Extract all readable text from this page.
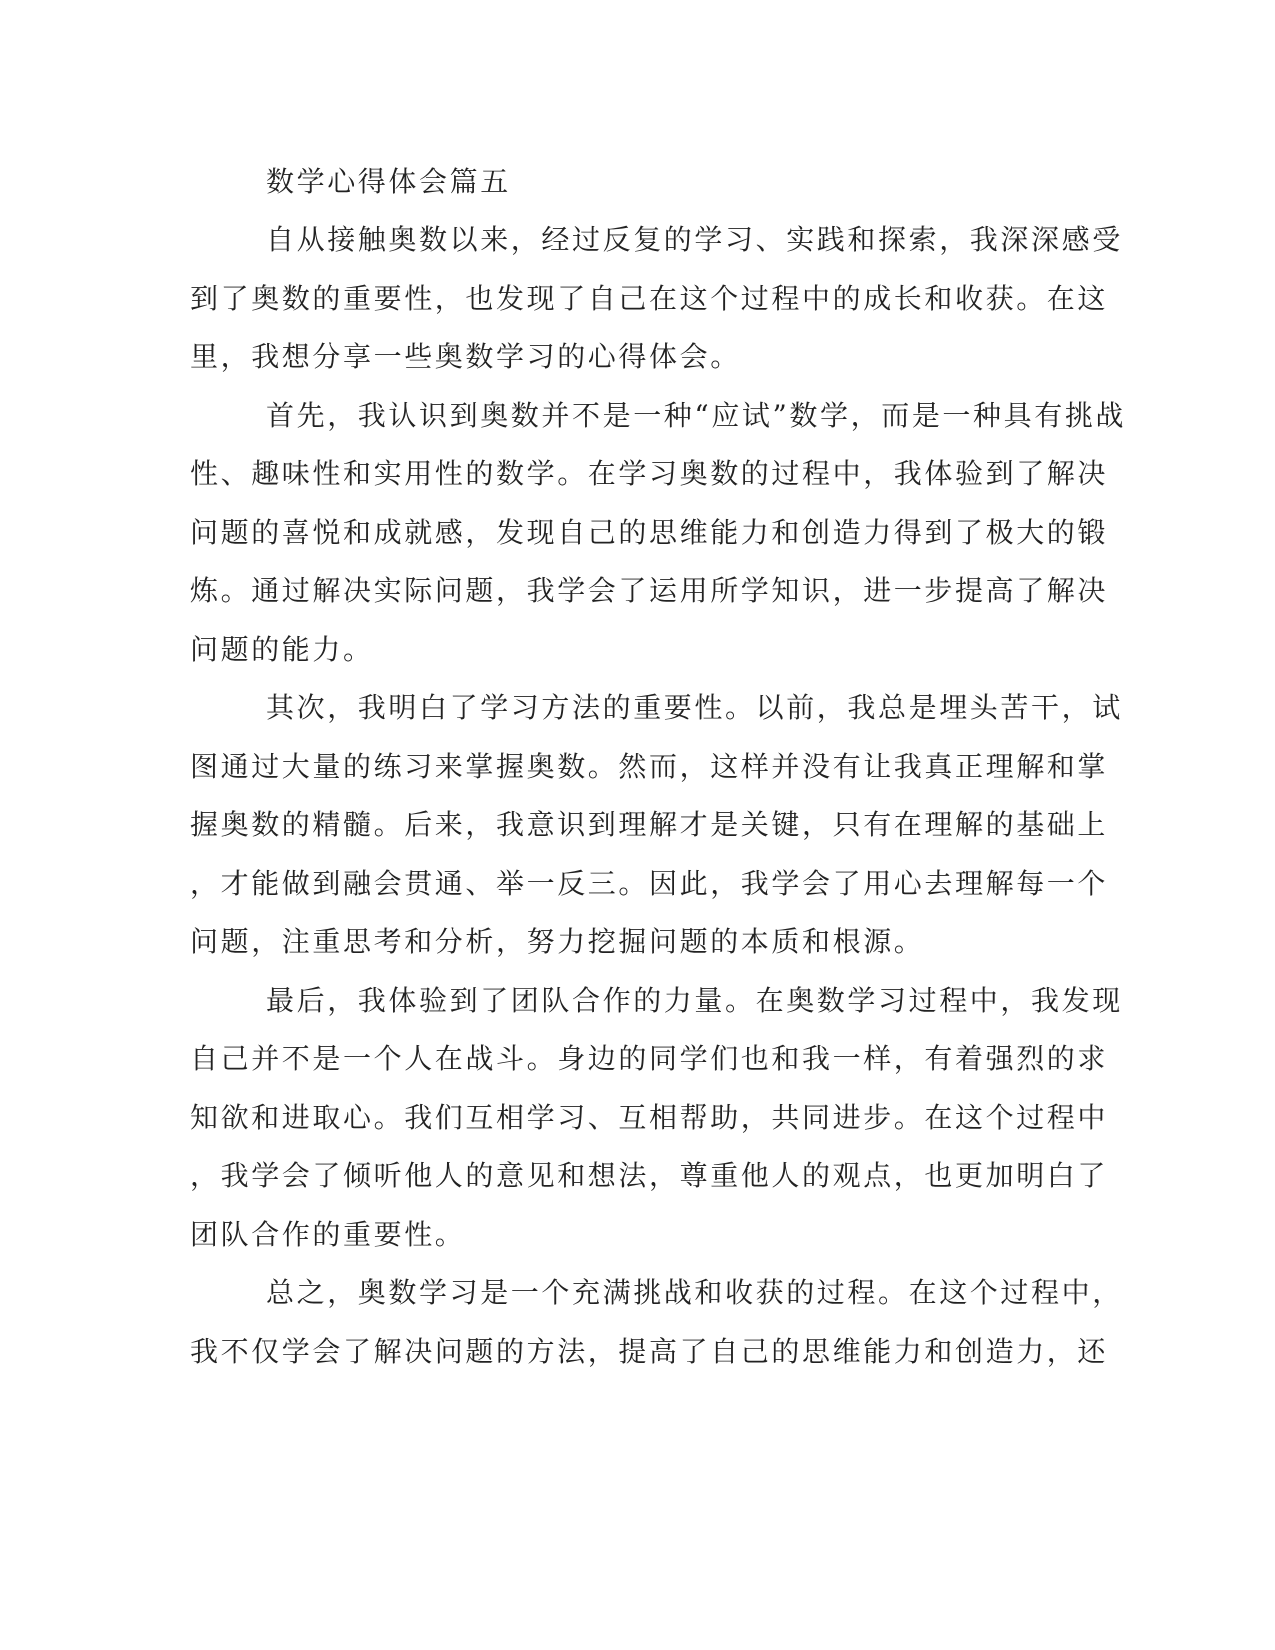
数学心得体会篇五

自从接触奥数以来，经过反复的学习、实践和探索，我深深感受

到了奥数的重要性，也发现了自己在这个过程中的成长和收获。在这

里，我想分享一些奥数学习的心得体会。

首先，我认识到奥数并不是一种“应试”数学，而是一种具有挑战

性、趣味性和实用性的数学。在学习奥数的过程中，我体验到了解决

问题的喜悦和成就感，发现自己的思维能力和创造力得到了极大的锻

炼。通过解决实际问题，我学会了运用所学知识，进一步提高了解决

问题的能力。

其次，我明白了学习方法的重要性。以前，我总是埋头苦干，试

图通过大量的练习来掌握奥数。然而，这样并没有让我真正理解和掌

握奥数的精髓。后来，我意识到理解才是关键，只有在理解的基础上

，才能做到融会贯通、举一反三。因此，我学会了用心去理解每一个

问题，注重思考和分析，努力挖掘问题的本质和根源。

最后，我体验到了团队合作的力量。在奥数学习过程中，我发现

自己并不是一个人在战斗。身边的同学们也和我一样，有着强烈的求

知欲和进取心。我们互相学习、互相帮助，共同进步。在这个过程中

，我学会了倾听他人的意见和想法，尊重他人的观点，也更加明白了

团队合作的重要性。

总之，奥数学习是一个充满挑战和收获的过程。在这个过程中，

我不仅学会了解决问题的方法，提高了自己的思维能力和创造力，还
